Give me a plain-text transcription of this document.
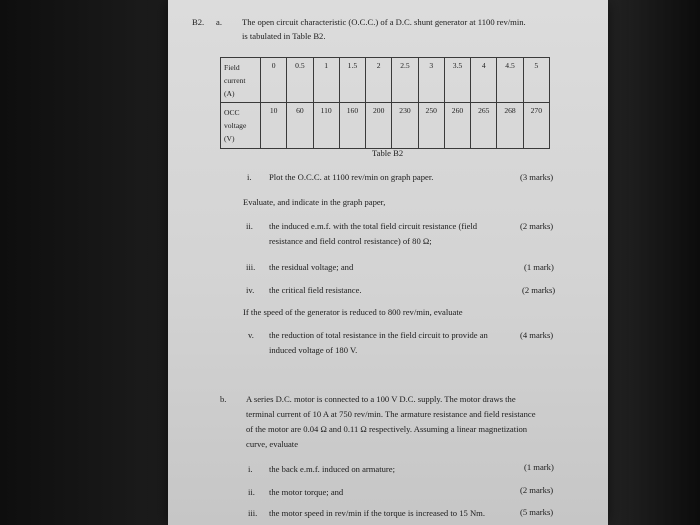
B2. a. The open circuit characteristic (O.C.C.) of a D.C. shunt generator at 1100 rev/min.
is tabulated in Table B2.
Field
current
(A)	0	0.5	1	1.5	2	2.5	3	3.5	4	4.5	5
OCC
voltage
(V)	10	60	110	160	200	230	250	260	265	268	270
Table B2
i. Plot the O.C.C. at 1100 rev/min on graph paper.	(3 marks)
Evaluate, and indicate in the graph paper,
ii. the induced e.m.f. with the total field circuit resistance (field
resistance and field control resistance) of 80 Ω;
(2 marks)
iii. the residual voltage; and	(1 mark)
iv. the critical field resistance.	(2 marks)
If the speed of the generator is reduced to 800 rev/min, evaluate
v. the reduction of total resistance in the field circuit to provide an
induced voltage of 180 V.
(4 marks)
b. A series D.C. motor is connected to a 100 V D.C. supply. The motor draws the
terminal current of 10 A at 750 rev/min. The armature resistance and field resistance
of the motor are 0.04 Ω and 0.11 Ω respectively. Assuming a linear magnetization
curve, evaluate
i. the back e.m.f. induced on armature;	(1 mark)
ii. the motor torque; and	(2 marks)
iii. the motor speed in rev/min if the torque is increased to 15 Nm.	(5 marks)
